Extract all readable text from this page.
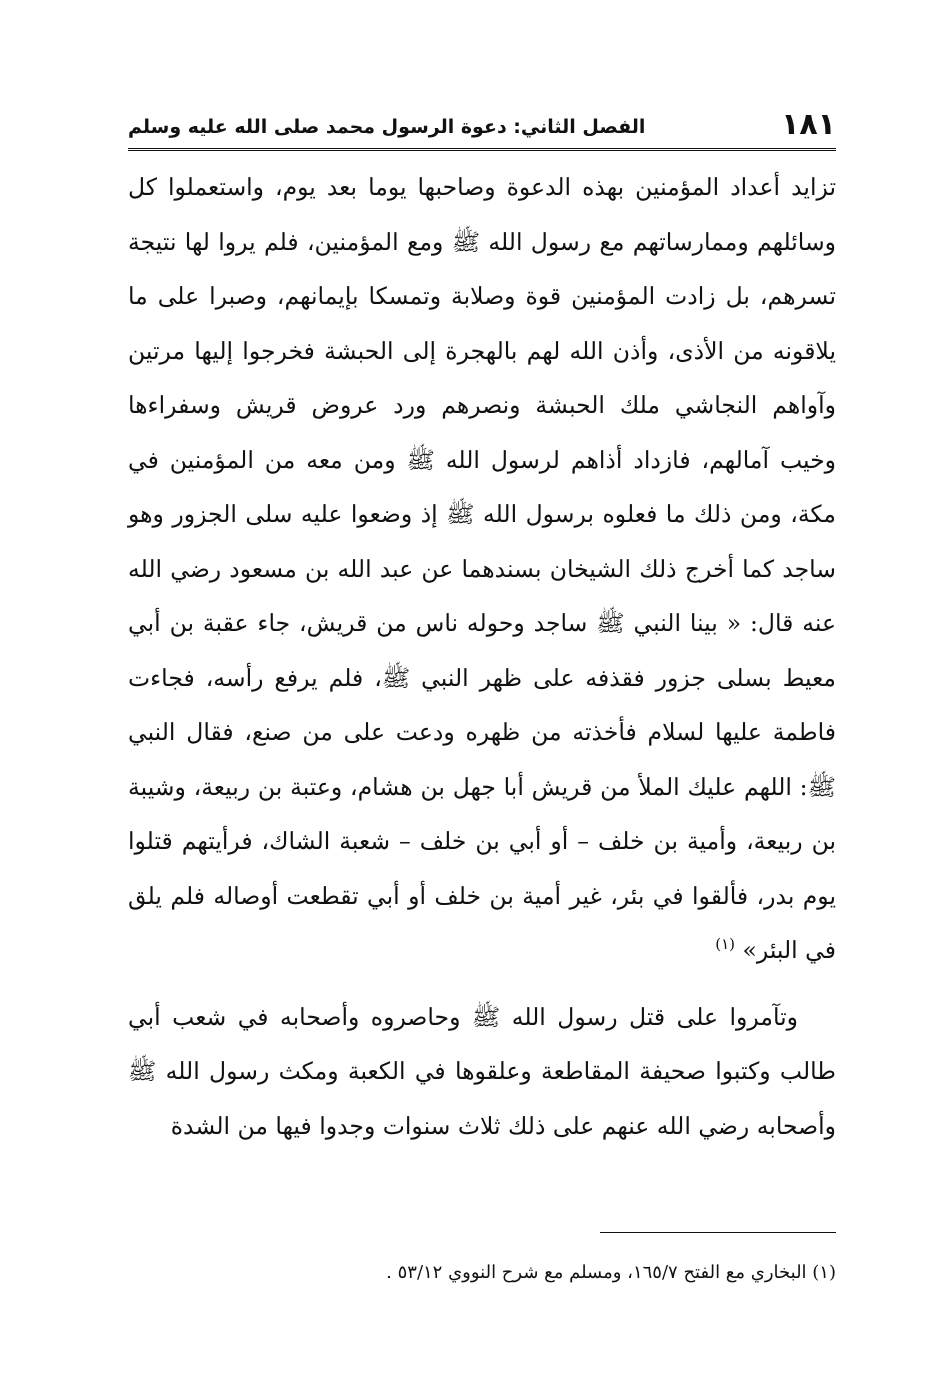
١٨١
الفصل الثاني: دعوة الرسول محمد صلى الله عليه وسلم

تزايد أعداد المؤمنين بهذه الدعوة وصاحبها يوما بعد يوم، واستعملوا كل وسائلهم وممارساتهم مع رسول الله ﷺ ومع المؤمنين، فلم يروا لها نتيجة تسرهم، بل زادت المؤمنين قوة وصلابة وتمسكا بإيمانهم، وصبرا على ما يلاقونه من الأذى، وأذن الله لهم بالهجرة إلى الحبشة فخرجوا إليها مرتين وآواهم النجاشي ملك الحبشة ونصرهم ورد عروض قريش وسفراءها وخيب آمالهم، فازداد أذاهم لرسول الله ﷺ ومن معه من المؤمنين في مكة، ومن ذلك ما فعلوه برسول الله ﷺ إذ وضعوا عليه سلى الجزور وهو ساجد كما أخرج ذلك الشيخان بسندهما عن عبد الله بن مسعود رضي الله عنه قال: « بينا النبي ﷺ ساجد وحوله ناس من قريش، جاء عقبة بن أبي معيط بسلى جزور فقذفه على ظهر النبي ﷺ، فلم يرفع رأسه، فجاءت فاطمة عليها لسلام فأخذته من ظهره ودعت على من صنع، فقال النبي ﷺ: اللهم عليك الملأ من قريش أبا جهل بن هشام، وعتبة بن ربيعة، وشيبة بن ربيعة، وأمية بن خلف – أو أبي بن خلف – شعبة الشاك، فرأيتهم قتلوا يوم بدر، فألقوا في بئر، غير أمية بن خلف أو أبي تقطعت أوصاله فلم يلق في البئر» $^{(١)}$

وتآمروا على قتل رسول الله ﷺ وحاصروه وأصحابه في شعب أبي طالب وكتبوا صحيفة المقاطعة وعلقوها في الكعبة ومكث رسول الله ﷺ وأصحابه رضي الله عنهم على ذلك ثلاث سنوات وجدوا فيها من الشدة

(١) البخاري مع الفتح ١٦٥/٧، ومسلم مع شرح النووي ٥٣/١٢ .
